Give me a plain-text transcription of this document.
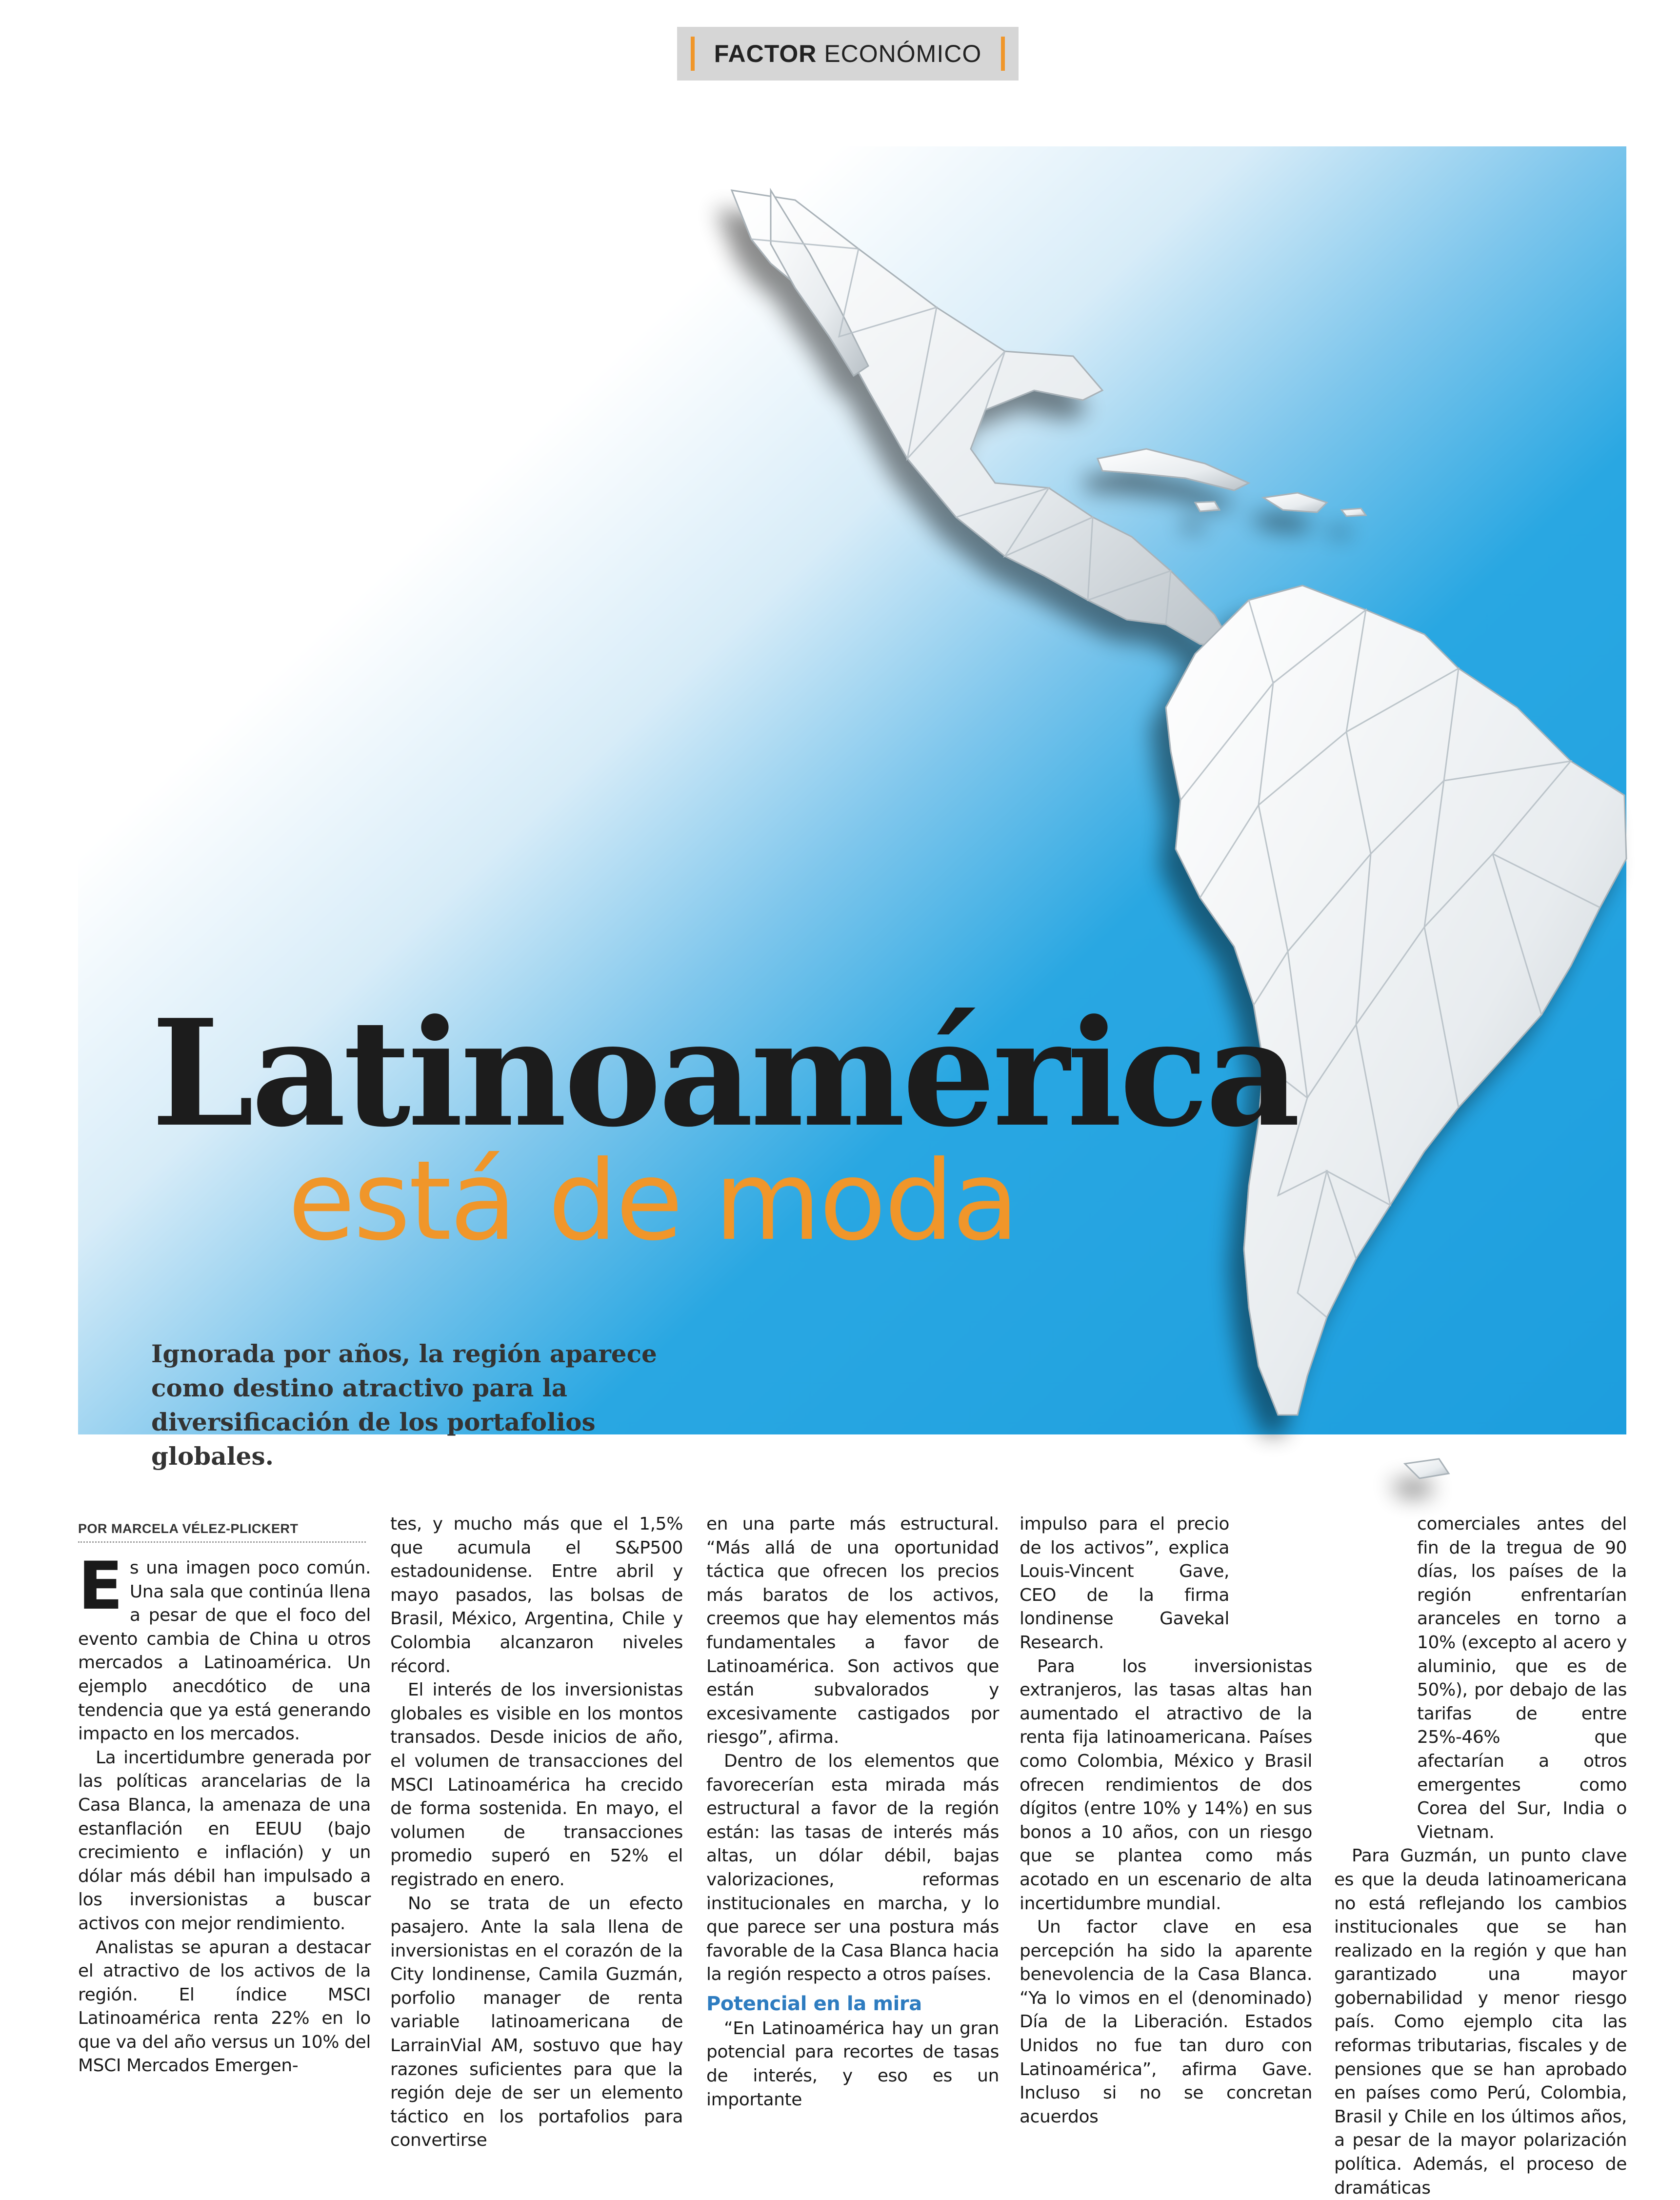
FACTOR ECONÓMICO
Latinoamérica
está de moda
Ignorada por años, la región aparece como destino atractivo para la diversificación de los portafolios globales.
POR MARCELA VÉLEZ-PLICKERT

Es una imagen poco común. Una sala que continúa llena a pesar de que el foco del evento cambia de China u otros mercados a Latinoamérica. Un ejemplo anecdótico de una tendencia que ya está generando impacto en los mercados.

La incertidumbre generada por las políticas arancelarias de la Casa Blanca, la amenaza de una estanflación en EEUU (bajo crecimiento e inflación) y un dólar más débil han impulsado a los inversionistas a buscar activos con mejor rendimiento.

Analistas se apuran a destacar el atractivo de los activos de la región. El índice MSCI Latinoamérica renta 22% en lo que va del año versus un 10% del MSCI Mercados Emergen-

tes, y mucho más que el 1,5% que acumula el S&P500 estadounidense. Entre abril y mayo pasados, las bolsas de Brasil, México, Argentina, Chile y Colombia alcanzaron niveles récord.

El interés de los inversionistas globales es visible en los montos transados. Desde inicios de año, el volumen de transacciones del MSCI Latinoamérica ha crecido de forma sostenida. En mayo, el volumen de transacciones promedio superó en 52% el registrado en enero.

No se trata de un efecto pasajero. Ante la sala llena de inversionistas en el corazón de la City londinense, Camila Guzmán, porfolio manager de renta variable latinoamericana de LarrainVial AM, sostuvo que hay razones suficientes para que la región deje de ser un elemento táctico en los portafolios para convertirse

en una parte más estructural. “Más allá de una oportunidad táctica que ofrecen los precios más baratos de los activos, creemos que hay elementos más fundamentales a favor de Latinoamérica. Son activos que están subvalorados y excesivamente castigados por riesgo”, afirma.

Dentro de los elementos que favorecerían esta mirada más estructural a favor de la región están: las tasas de interés más altas, un dólar débil, bajas valorizaciones, reformas institucionales en marcha, y lo que parece ser una postura más favorable de la Casa Blanca hacia la región respecto a otros países.

Potencial en la mira

“En Latinoamérica hay un gran potencial para recortes de tasas de interés, y eso es un importante

impulso para el precio de los activos”, explica Louis-Vincent Gave, CEO de la firma londinense Gavekal Research.

Para los inversionistas extranjeros, las tasas altas han aumentado el atractivo de la renta fija latinoamericana. Países como Colombia, México y Brasil ofrecen rendimientos de dos dígitos (entre 10% y 14%) en sus bonos a 10 años, con un riesgo que se plantea como más acotado en un escenario de alta incertidumbre mundial.

Un factor clave en esa percepción ha sido la aparente benevolencia de la Casa Blanca. “Ya lo vimos en el (denominado) Día de la Liberación. Estados Unidos no fue tan duro con Latinoamérica”, afirma Gave. Incluso si no se concretan acuerdos

comerciales antes del fin de la tregua de 90 días, los países de la región enfrentarían aranceles en torno a 10% (excepto al acero y aluminio, que es de 50%), por debajo de las tarifas de entre 25%-46% que afectarían a otros emergentes como Corea del Sur, India o Vietnam.

Para Guzmán, un punto clave es que la deuda latinoamericana no está reflejando los cambios institucionales que se han realizado en la región y que han garantizado una mayor gobernabilidad y menor riesgo país. Como ejemplo cita las reformas tributarias, fiscales y de pensiones que se han aprobado en países como Perú, Colombia, Brasil y Chile en los últimos años, a pesar de la mayor polarización política. Además, el proceso de dramáticas
